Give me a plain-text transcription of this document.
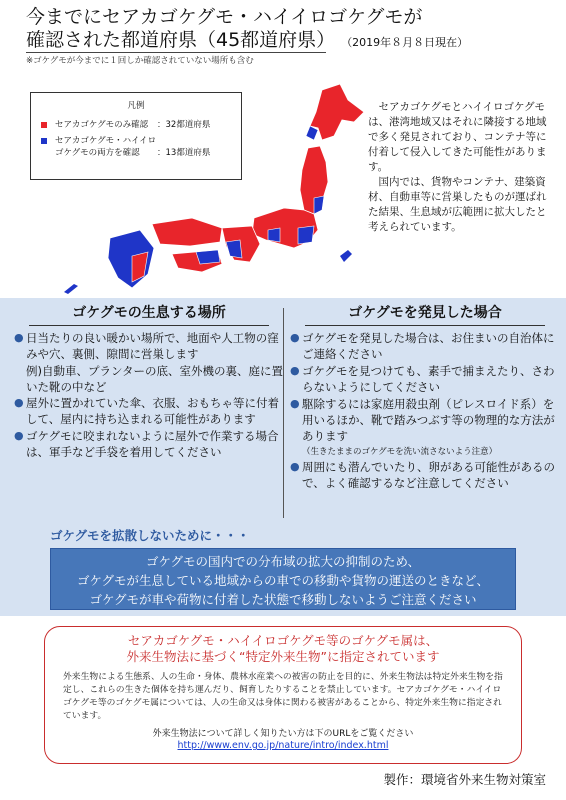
今までにセアカゴケグモ・ハイイロゴケグモが
確認された都道府県（45都道府県） （2019年８月８日現在）
※ゴケグモが今までに１回しか確認されていない場所も含む
凡例
セアカゴケグモのみ確認	：32都道府県
セアカゴケグモ・ハイイロゴケグモの両方を確認	：13都道府県

セアカゴケグモとハイイロゴケグモは、港湾地域又はそれに隣接する地域で多く発見されており、コンテナ等に付着して侵入してきた可能性があります。

国内では、貨物やコンテナ、建築資材、自動車等に営巣したものが運ばれた結果、生息域が広範囲に拡大したと考えられています。

ゴケグモの生息する場所
● 日当たりの良い暖かい場所で、地面や人工物の窪みや穴、裏側、隙間に営巣します
例)自動車、プランターの底、室外機の裏、庭に置いた靴の中など
● 屋外に置かれていた傘、衣服、おもちゃ等に付着して、屋内に持ち込まれる可能性があります
● ゴケグモに咬まれないように屋外で作業する場合は、軍手など手袋を着用してください
ゴケグモを発見した場合
● ゴケグモを発見した場合は、お住まいの自治体にご連絡ください
● ゴケグモを見つけても、素手で捕まえたり、さわらないようにしてください
● 駆除するには家庭用殺虫剤（ピレスロイド系）を用いるほか、靴で踏みつぶす等の物理的な方法があります
（生きたままのゴケグモを洗い流さないよう注意）
● 周囲にも潜んでいたり、卵がある可能性があるので、よく確認するなど注意してください
ゴケグモを拡散しないために・・・
ゴケグモの国内での分布域の拡大の抑制のため、
ゴケグモが生息している地域からの車での移動や貨物の運送のときなど、
ゴケグモが車や荷物に付着した状態で移動しないようご注意ください
セアカゴケグモ・ハイイロゴケグモ等のゴケグモ属は、
外来生物法に基づく“特定外来生物”に指定されています
外来生物による生態系、人の生命・身体、農林水産業への被害の防止を目的に、外来生物法は特定外来生物を指定し、これらの生きた個体を持ち運んだり、飼育したりすることを禁止しています。セアカゴケグモ・ハイイロゴケグモ等のゴケグモ属については、人の生命又は身体に関わる被害があることから、特定外来生物に指定されています。
外来生物法について詳しく知りたい方は下のURLをご覧ください
http://www.env.go.jp/nature/intro/index.html
製作：環境省外来生物対策室
